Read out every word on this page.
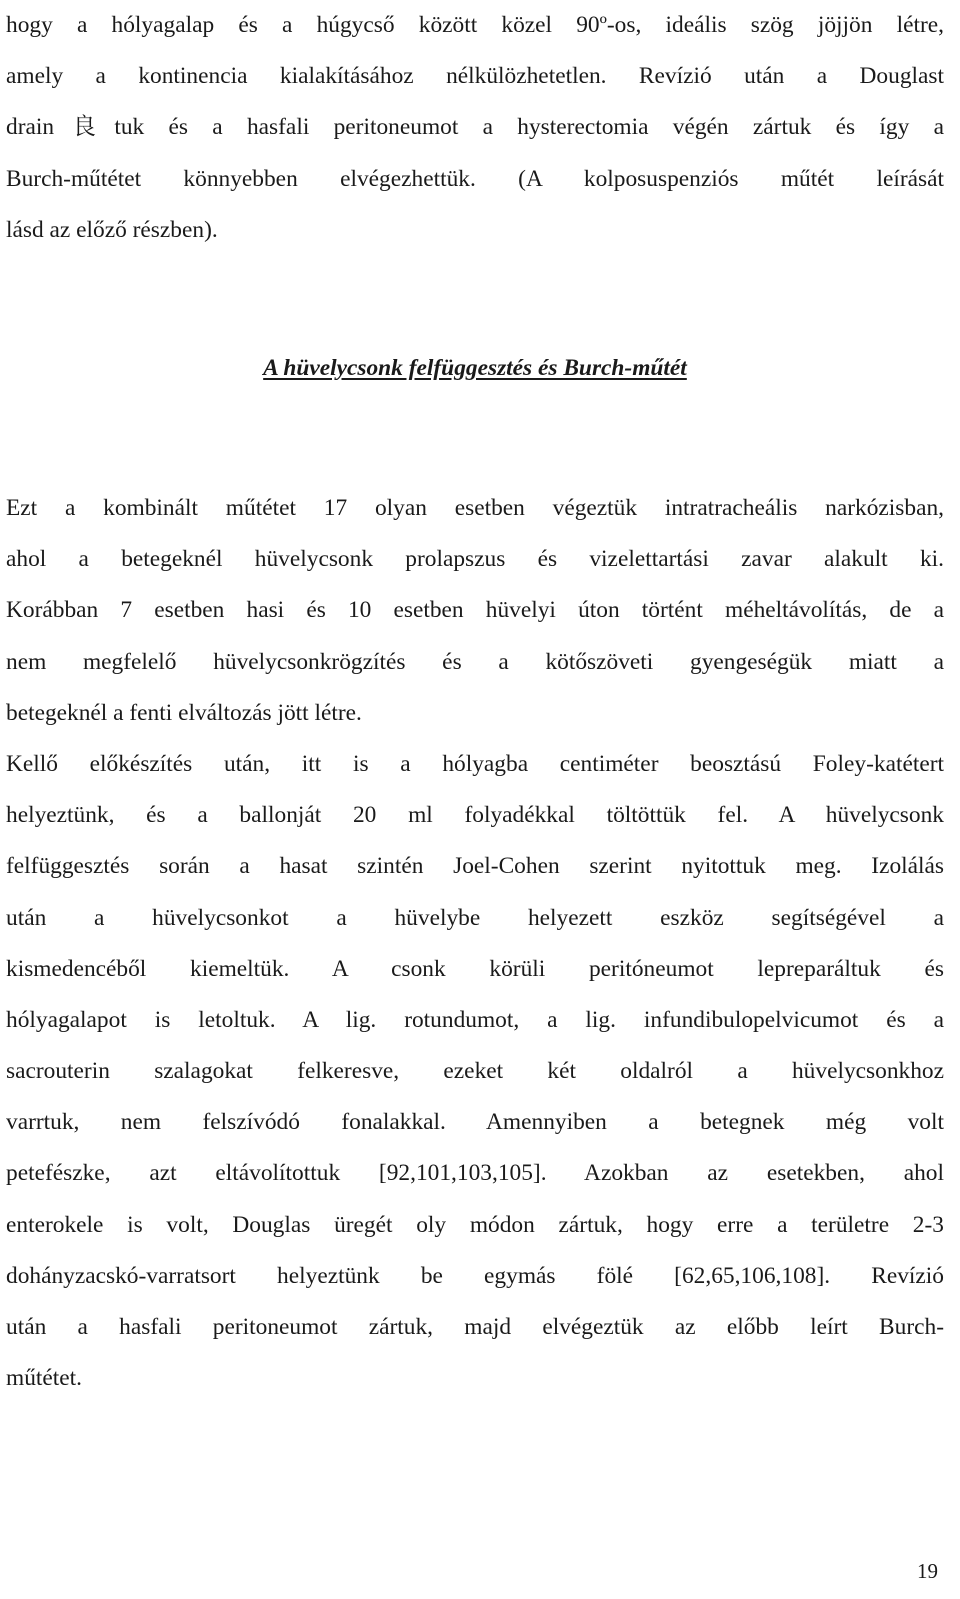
hogy a hólyagalap és a húgycső között közel 90º-os, ideális szög jöjjön létre,
amely a kontinencia kialakításához nélkülözhetetlen. Revízió után a Douglast
drain良tuk és a hasfali peritoneumot a hysterectomia végén zártuk és így a
Burch-műtétet könnyebben elvégezhettük. (A kolposuspenziós műtét leírását
lásd az előző részben).
A hüvelycsonk felfüggesztés és Burch-műtét
Ezt a kombinált műtétet 17 olyan esetben végeztük intratracheális narkózisban,
ahol a betegeknél hüvelycsonk prolapszus és vizelettartási zavar alakult ki.
Korábban 7 esetben hasi és 10 esetben hüvelyi úton történt méheltávolítás, de a
nem megfelelő hüvelycsonkrögzítés és a kötőszöveti gyengeségük miatt a
betegeknél a fenti elváltozás jött létre.
Kellő előkészítés után, itt is a hólyagba centiméter beosztású Foley-katétert
helyeztünk, és a ballonját 20 ml folyadékkal töltöttük fel. A hüvelycsonk
felfüggesztés során a hasat szintén Joel-Cohen szerint nyitottuk meg. Izolálás
után a hüvelycsonkot a hüvelybe helyezett eszköz segítségével a
kismedencéből kiemeltük. A csonk körüli peritóneumot lepreparáltuk és
hólyagalapot is letoltuk. A lig. rotundumot, a lig. infundibulopelvicumot és a
sacrouterin szalagokat felkeresve, ezeket két oldalról a hüvelycsonkhoz
varrtuk, nem felszívódó fonalakkal. Amennyiben a betegnek még volt
petefészke, azt eltávolítottuk [92,101,103,105]. Azokban az esetekben, ahol
enterokele is volt, Douglas üregét oly módon zártuk, hogy erre a területre 2-3
dohányzacskó-varratsort helyeztünk be egymás fölé [62,65,106,108]. Revízió
után a hasfali peritoneumot zártuk, majd elvégeztük az előbb leírt Burch-
műtétet.

19
